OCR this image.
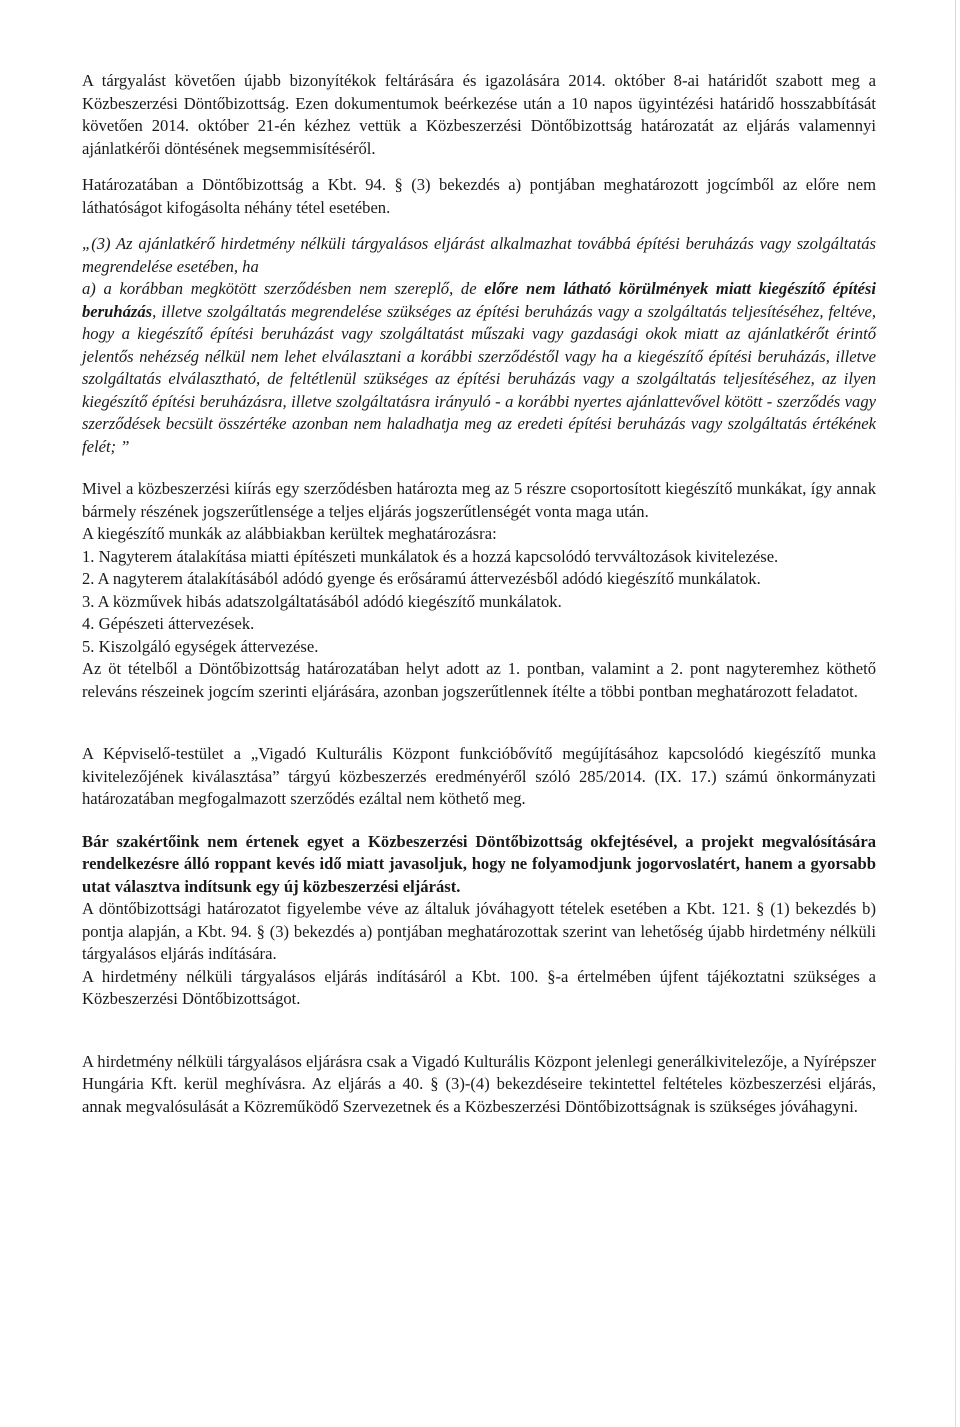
A tárgyalást követően újabb bizonyítékok feltárására és igazolására 2014. október 8-ai határidőt szabott meg a Közbeszerzési Döntőbizottság. Ezen dokumentumok beérkezése után a 10 napos ügyintézési határidő hosszabbítását követően 2014. október 21-én kézhez vettük a Közbeszerzési Döntőbizottság határozatát az eljárás valamennyi ajánlatkérői döntésének megsemmisítéséről.

Határozatában a Döntőbizottság a Kbt. 94. § (3) bekezdés a) pontjában meghatározott jogcímből az előre nem láthatóságot kifogásolta néhány tétel esetében.

„(3) Az ajánlatkérő hirdetmény nélküli tárgyalásos eljárást alkalmazhat továbbá építési beruházás vagy szolgáltatás megrendelése esetében, ha
a) a korábban megkötött szerződésben nem szereplő, de előre nem látható körülmények miatt kiegészítő építési beruházás, illetve szolgáltatás megrendelése szükséges az építési beruházás vagy a szolgáltatás teljesítéséhez, feltéve, hogy a kiegészítő építési beruházást vagy szolgáltatást műszaki vagy gazdasági okok miatt az ajánlatkérőt érintő jelentős nehézség nélkül nem lehet elválasztani a korábbi szerződéstől vagy ha a kiegészítő építési beruházás, illetve szolgáltatás elválasztható, de feltétlenül szükséges az építési beruházás vagy a szolgáltatás teljesítéséhez, az ilyen kiegészítő építési beruházásra, illetve szolgáltatásra irányuló - a korábbi nyertes ajánlattevővel kötött - szerződés vagy szerződések becsült összértéke azonban nem haladhatja meg az eredeti építési beruházás vagy szolgáltatás értékének felét; ”

Mivel a közbeszerzési kiírás egy szerződésben határozta meg az 5 részre csoportosított kiegészítő munkákat, így annak bármely részének jogszerűtlensége a teljes eljárás jogszerűtlenségét vonta maga után.

A kiegészítő munkák az alábbiakban kerültek meghatározásra:

1. Nagyterem átalakítása miatti építészeti munkálatok és a hozzá kapcsolódó tervváltozások kivitelezése.

2. A nagyterem átalakításából adódó gyenge és erősáramú áttervezésből adódó kiegészítő munkálatok.

3. A közművek hibás adatszolgáltatásából adódó kiegészítő munkálatok.

4. Gépészeti áttervezések.

5. Kiszolgáló egységek áttervezése.

Az öt tételből a Döntőbizottság határozatában helyt adott az 1. pontban, valamint a 2. pont nagyteremhez köthető releváns részeinek jogcím szerinti eljárására, azonban jogszerűtlennek ítélte a többi pontban meghatározott feladatot.

A Képviselő-testület a „Vigadó Kulturális Központ funkcióbővítő megújításához kapcsolódó kiegészítő munka kivitelezőjének kiválasztása” tárgyú közbeszerzés eredményéről szóló 285/2014. (IX. 17.) számú önkormányzati határozatában megfogalmazott szerződés ezáltal nem köthető meg.

Bár szakértőink nem értenek egyet a Közbeszerzési Döntőbizottság okfejtésével, a projekt megvalósítására rendelkezésre álló roppant kevés idő miatt javasoljuk, hogy ne folyamodjunk jogorvoslatért, hanem a gyorsabb utat választva indítsunk egy új közbeszerzési eljárást.

A döntőbizottsági határozatot figyelembe véve az általuk jóváhagyott tételek esetében a Kbt. 121. § (1) bekezdés b) pontja alapján, a Kbt. 94. § (3) bekezdés a) pontjában meghatározottak szerint van lehetőség újabb hirdetmény nélküli tárgyalásos eljárás indítására.

A hirdetmény nélküli tárgyalásos eljárás indításáról a Kbt. 100. §-a értelmében újfent tájékoztatni szükséges a Közbeszerzési Döntőbizottságot.

A hirdetmény nélküli tárgyalásos eljárásra csak a Vigadó Kulturális Központ jelenlegi generálkivitelezője, a Nyírépszer Hungária Kft. kerül meghívásra. Az eljárás a 40. § (3)-(4) bekezdéseire tekintettel feltételes közbeszerzési eljárás, annak megvalósulását a Közreműködő Szervezetnek és a Közbeszerzési Döntőbizottságnak is szükséges jóváhagyni.
